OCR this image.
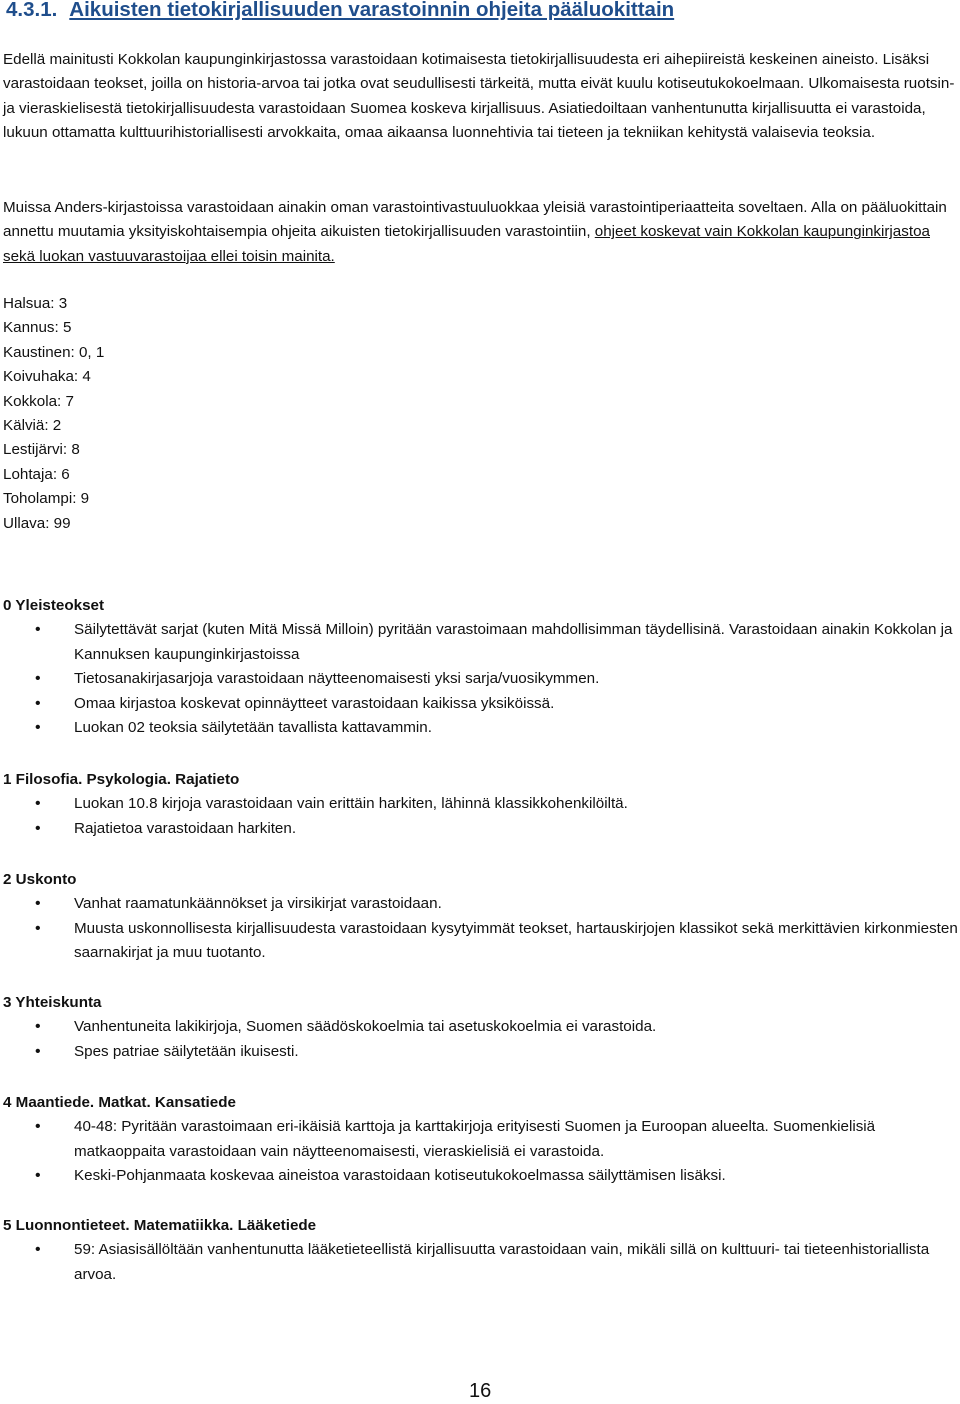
4.3.1. Aikuisten tietokirjallisuuden varastoinnin ohjeita pääluokittain

Edellä mainitusti Kokkolan kaupunginkirjastossa varastoidaan kotimaisesta tietokirjallisuudesta eri aihepiireistä keskeinen aineisto. Lisäksi varastoidaan teokset, joilla on historia-arvoa tai jotka ovat seudullisesti tärkeitä, mutta eivät kuulu kotiseutukokoelmaan. Ulkomaisesta ruotsin- ja vieraskielisestä tietokirjallisuudesta varastoidaan Suomea koskeva kirjallisuus. Asiatiedoiltaan vanhentunutta kirjallisuutta ei varastoida, lukuun ottamatta kulttuurihistoriallisesti arvokkaita, omaa aikaansa luonnehtivia tai tieteen ja tekniikan kehitystä valaisevia teoksia.

Muissa Anders-kirjastoissa varastoidaan ainakin oman varastointivastuuluokkaa yleisiä varastointiperiaatteita soveltaen. Alla on pääluokittain annettu muutamia yksityiskohtaisempia ohjeita aikuisten tietokirjallisuuden varastointiin, ohjeet koskevat vain Kokkolan kaupunginkirjastoa sekä luokan vastuuvarastoijaa ellei toisin mainita.

Halsua: 3
Kannus: 5
Kaustinen: 0, 1
Koivuhaka: 4
Kokkola: 7
Kälviä: 2
Lestijärvi: 8
Lohtaja: 6
Toholampi: 9
Ullava: 99

0 Yleisteokset

• Säilytettävät sarjat (kuten Mitä Missä Milloin) pyritään varastoimaan mahdollisimman täydellisinä. Varastoidaan ainakin Kokkolan ja Kannuksen kaupunginkirjastoissa
• Tietosanakirjasarjoja varastoidaan näytteenomaisesti yksi sarja/vuosikymmen.
• Omaa kirjastoa koskevat opinnäytteet varastoidaan kaikissa yksiköissä.
• Luokan 02 teoksia säilytetään tavallista kattavammin.

1 Filosofia. Psykologia. Rajatieto

• Luokan 10.8 kirjoja varastoidaan vain erittäin harkiten, lähinnä klassikkohenkilöiltä.
• Rajatietoa varastoidaan harkiten.

2 Uskonto

• Vanhat raamatunkäännökset ja virsikirjat varastoidaan.
• Muusta uskonnollisesta kirjallisuudesta varastoidaan kysytyimmät teokset, hartauskirjojen klassikot sekä merkittävien kirkonmiesten saarnakirjat ja muu tuotanto.

3 Yhteiskunta

• Vanhentuneita lakikirjoja, Suomen säädöskokoelmia tai asetuskokoelmia ei varastoida.
• Spes patriae säilytetään ikuisesti.

4 Maantiede. Matkat. Kansatiede

• 40-48: Pyritään varastoimaan eri-ikäisiä karttoja ja karttakirjoja erityisesti Suomen ja Euroopan alueelta. Suomenkielisiä matkaoppaita varastoidaan vain näytteenomaisesti, vieraskielisiä ei varastoida.
• Keski-Pohjanmaata koskevaa aineistoa varastoidaan kotiseutukokoelmassa säilyttämisen lisäksi.

5 Luonnontieteet. Matematiikka. Lääketiede

• 59: Asiasisällöltään vanhentunutta lääketieteellistä kirjallisuutta varastoidaan vain, mikäli sillä on kulttuuri- tai tieteenhistoriallista arvoa.

16
